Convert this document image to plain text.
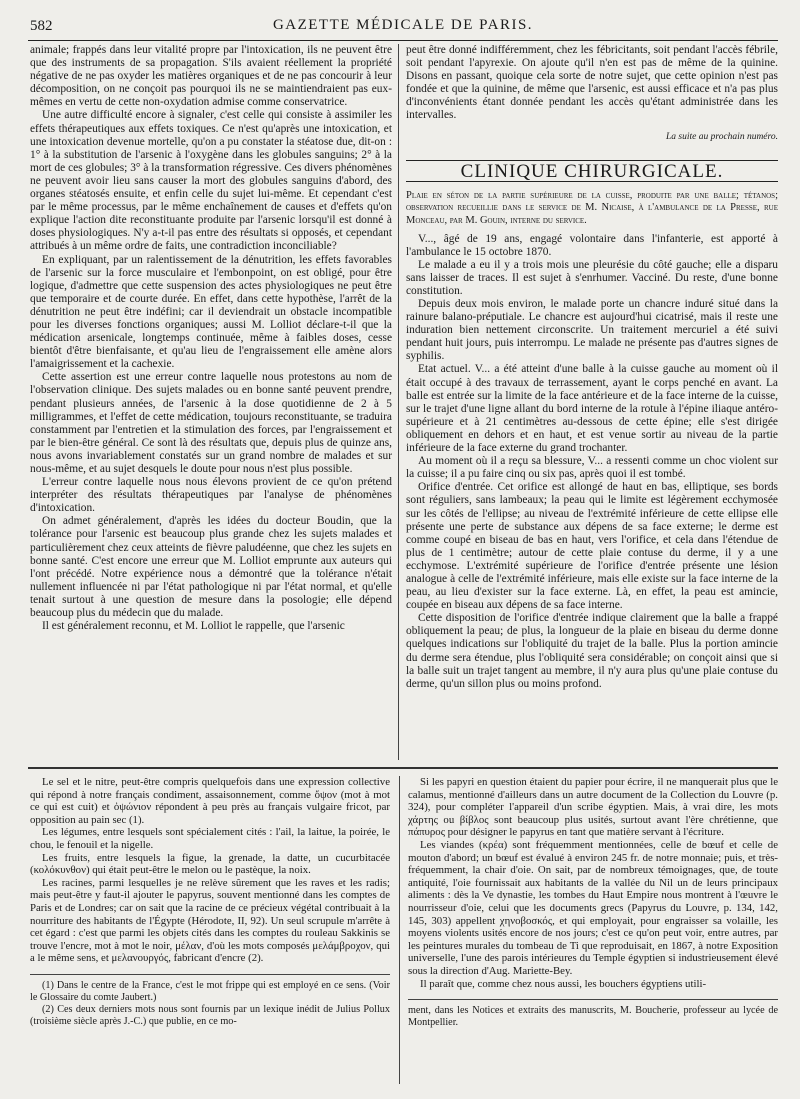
582	GAZETTE MÉDICALE DE PARIS.

animale; frappés dans leur vitalité propre par l'intoxication, ils ne peuvent être que des instruments de sa propagation. S'ils avaient réellement la propriété négative de ne pas oxyder les matières organiques et de ne pas concourir à leur décomposition, on ne conçoit pas pourquoi ils ne se maintiendraient pas eux-mêmes en vertu de cette non-oxydation admise comme conservatrice.

Une autre difficulté encore à signaler, c'est celle qui consiste à assimiler les effets thérapeutiques aux effets toxiques. Ce n'est qu'après une intoxication, et une intoxication devenue mortelle, qu'on a pu constater la stéatose due, dit-on : 1° à la substitution de l'arsenic à l'oxygène dans les globules sanguins; 2° à la mort de ces globules; 3° à la transformation régressive. Ces divers phénomènes ne peuvent avoir lieu sans causer la mort des globules sanguins d'abord, des organes stéatosés ensuite, et enfin celle du sujet lui-même. Et cependant c'est par le même processus, par le même enchaînement de causes et d'effets qu'on explique l'action dite reconstituante produite par l'arsenic lorsqu'il est donné à doses physiologiques. N'y a-t-il pas entre des résultats si opposés, et cependant attribués à un même ordre de faits, une contradiction inconciliable?

En expliquant, par un ralentissement de la dénutrition, les effets favorables de l'arsenic sur la force musculaire et l'embonpoint, on est obligé, pour être logique, d'admettre que cette suspension des actes physiologiques ne peut être que temporaire et de courte durée. En effet, dans cette hypothèse, l'arrêt de la dénutrition ne peut être indéfini; car il deviendrait un obstacle incompatible pour les diverses fonctions organiques; aussi M. Lolliot déclare-t-il que la médication arsenicale, longtemps continuée, même à faibles doses, cesse bientôt d'être bienfaisante, et qu'au lieu de l'engraissement elle amène alors l'amaigrissement et la cachexie.

Cette assertion est une erreur contre laquelle nous protestons au nom de l'observation clinique. Des sujets malades ou en bonne santé peuvent prendre, pendant plusieurs années, de l'arsenic à la dose quotidienne de 2 à 5 milligrammes, et l'effet de cette médication, toujours reconstituante, se traduira constamment par l'entretien et la stimulation des forces, par l'engraissement et par le bien-être général. Ce sont là des résultats que, depuis plus de quinze ans, nous avons invariablement constatés sur un grand nombre de malades et sur nous-même, et au sujet desquels le doute pour nous n'est plus possible.

L'erreur contre laquelle nous nous élevons provient de ce qu'on prétend interpréter des résultats thérapeutiques par l'analyse de phénomènes d'intoxication.

On admet généralement, d'après les idées du docteur Boudin, que la tolérance pour l'arsenic est beaucoup plus grande chez les sujets malades et particulièrement chez ceux atteints de fièvre paludéenne, que chez les sujets en bonne santé. C'est encore une erreur que M. Lolliot emprunte aux auteurs qui l'ont précédé. Notre expérience nous a démontré que la tolérance n'était nullement influencée ni par l'état pathologique ni par l'état normal, et qu'elle tenait surtout à une question de mesure dans la posologie; elle dépend beaucoup plus du médecin que du malade.

Il est généralement reconnu, et M. Lolliot le rappelle, que l'arsenic

peut être donné indifféremment, chez les fébricitants, soit pendant l'accès fébrile, soit pendant l'apyrexie. On ajoute qu'il n'en est pas de même de la quinine. Disons en passant, quoique cela sorte de notre sujet, que cette opinion n'est pas fondée et que la quinine, de même que l'arsenic, est aussi efficace et n'a pas plus d'inconvénients étant donnée pendant les accès qu'étant administrée dans les intervalles.

La suite au prochain numéro.
CLINIQUE CHIRURGICALE.
Plaie en séton de la partie supérieure de la cuisse, produite par une balle; tétanos; observation recueillie dans le service de M. Nicaise, à l'ambulance de la Presse, rue Monceau, par M. Gouin, interne du service.

V..., âgé de 19 ans, engagé volontaire dans l'infanterie, est apporté à l'ambulance le 15 octobre 1870.

Le malade a eu il y a trois mois une pleurésie du côté gauche; elle a disparu sans laisser de traces. Il est sujet à s'enrhumer. Vacciné. Du reste, d'une bonne constitution.

Depuis deux mois environ, le malade porte un chancre induré situé dans la rainure balano-préputiale. Le chancre est aujourd'hui cicatrisé, mais il reste une induration bien nettement circonscrite. Un traitement mercuriel a été suivi pendant huit jours, puis interrompu. Le malade ne présente pas d'autres signes de syphilis.

Etat actuel. V... a été atteint d'une balle à la cuisse gauche au moment où il était occupé à des travaux de terrassement, ayant le corps penché en avant. La balle est entrée sur la limite de la face antérieure et de la face interne de la cuisse, sur le trajet d'une ligne allant du bord interne de la rotule à l'épine iliaque antéro-supérieure et à 21 centimètres au-dessous de cette épine; elle s'est dirigée obliquement en dehors et en haut, et est venue sortir au niveau de la partie inférieure de la face externe du grand trochanter.

Au moment où il a reçu sa blessure, V... a ressenti comme un choc violent sur la cuisse; il a pu faire cinq ou six pas, après quoi il est tombé.

Orifice d'entrée. Cet orifice est allongé de haut en bas, elliptique, ses bords sont réguliers, sans lambeaux; la peau qui le limite est légèrement ecchymosée sur les côtés de l'ellipse; au niveau de l'extrémité inférieure de cette ellipse elle présente une perte de substance aux dépens de sa face externe; le derme est comme coupé en biseau de bas en haut, vers l'orifice, et cela dans l'étendue de plus de 1 centimètre; autour de cette plaie contuse du derme, il y a une ecchymose. L'extrémité supérieure de l'orifice d'entrée présente une lésion analogue à celle de l'extrémité inférieure, mais elle existe sur la face interne de la peau, au lieu d'exister sur la face externe. Là, en effet, la peau est amincie, coupée en biseau aux dépens de sa face interne.

Cette disposition de l'orifice d'entrée indique clairement que la balle a frappé obliquement la peau; de plus, la longueur de la plaie en biseau du derme donne quelques indications sur l'obliquité du trajet de la balle. Plus la portion amincie du derme sera étendue, plus l'obliquité sera considérable; on conçoit ainsi que si la balle suit un trajet tangent au membre, il n'y aura plus qu'une plaie contuse du derme, qu'un sillon plus ou moins profond.

Le sel et le nitre, peut-être compris quelquefois dans une expression collective qui répond à notre français condiment, assaisonnement, comme ὄψον (mot à mot ce qui est cuit) et ὀψώνιον répondent à peu près au français vulgaire fricot, par opposition au pain sec (1).

Les légumes, entre lesquels sont spécialement cités : l'ail, la laitue, la poirée, le chou, le fenouil et la nigelle.

Les fruits, entre lesquels la figue, la grenade, la datte, un cucurbitacée (κολόκυνθον) qui était peut-être le melon ou le pastèque, la noix.

Les racines, parmi lesquelles je ne relève sûrement que les raves et les radis; mais peut-être y faut-il ajouter le papyrus, souvent mentionné dans les comptes de Paris et de Londres; car on sait que la racine de ce précieux végétal contribuait à la nourriture des habitants de l'Égypte (Hérodote, II, 92). Un seul scrupule m'arrête à cet égard : c'est que parmi les objets cités dans les comptes du rouleau Sakkinis se trouve l'encre, mot à mot le noir, μέλαν, d'où les mots composés μελάμβροχον, qui a le même sens, et μελανουργός, fabricant d'encre (2).

(1) Dans le centre de la France, c'est le mot frippe qui est employé en ce sens. (Voir le Glossaire du comte Jaubert.)

(2) Ces deux derniers mots nous sont fournis par un lexique inédit de Julius Pollux (troisième siècle après J.-C.) que publie, en ce mo-

Si les papyri en question étaient du papier pour écrire, il ne manquerait plus que le calamus, mentionné d'ailleurs dans un autre document de la Collection du Louvre (p. 324), pour compléter l'appareil d'un scribe égyptien. Mais, à vrai dire, les mots χάρτης ou βίβλος sont beaucoup plus usités, surtout avant l'ère chrétienne, que πάπυρος pour désigner le papyrus en tant que matière servant à l'écriture.

Les viandes (κρέα) sont fréquemment mentionnées, celle de bœuf et celle de mouton d'abord; un bœuf est évalué à environ 245 fr. de notre monnaie; puis, et très-fréquemment, la chair d'oie. On sait, par de nombreux témoignages, que, de toute antiquité, l'oie fournissait aux habitants de la vallée du Nil un de leurs principaux aliments : dès la Ve dynastie, les tombes du Haut Empire nous montrent à l'œuvre le nourrisseur d'oie, celui que les documents grecs (Papyrus du Louvre, p. 134, 142, 145, 303) appellent χηνοβοσκός, et qui employait, pour engraisser sa volaille, les moyens violents usités encore de nos jours; c'est ce qu'on peut voir, entre autres, par les peintures murales du tombeau de Ti que reproduisait, en 1867, à notre Exposition universelle, l'une des parois intérieures du Temple égyptien si industrieusement élevé sous la direction d'Aug. Mariette-Bey.

Il paraît que, comme chez nous aussi, les bouchers égyptiens utili-

ment, dans les Notices et extraits des manuscrits, M. Boucherie, professeur au lycée de Montpellier.
